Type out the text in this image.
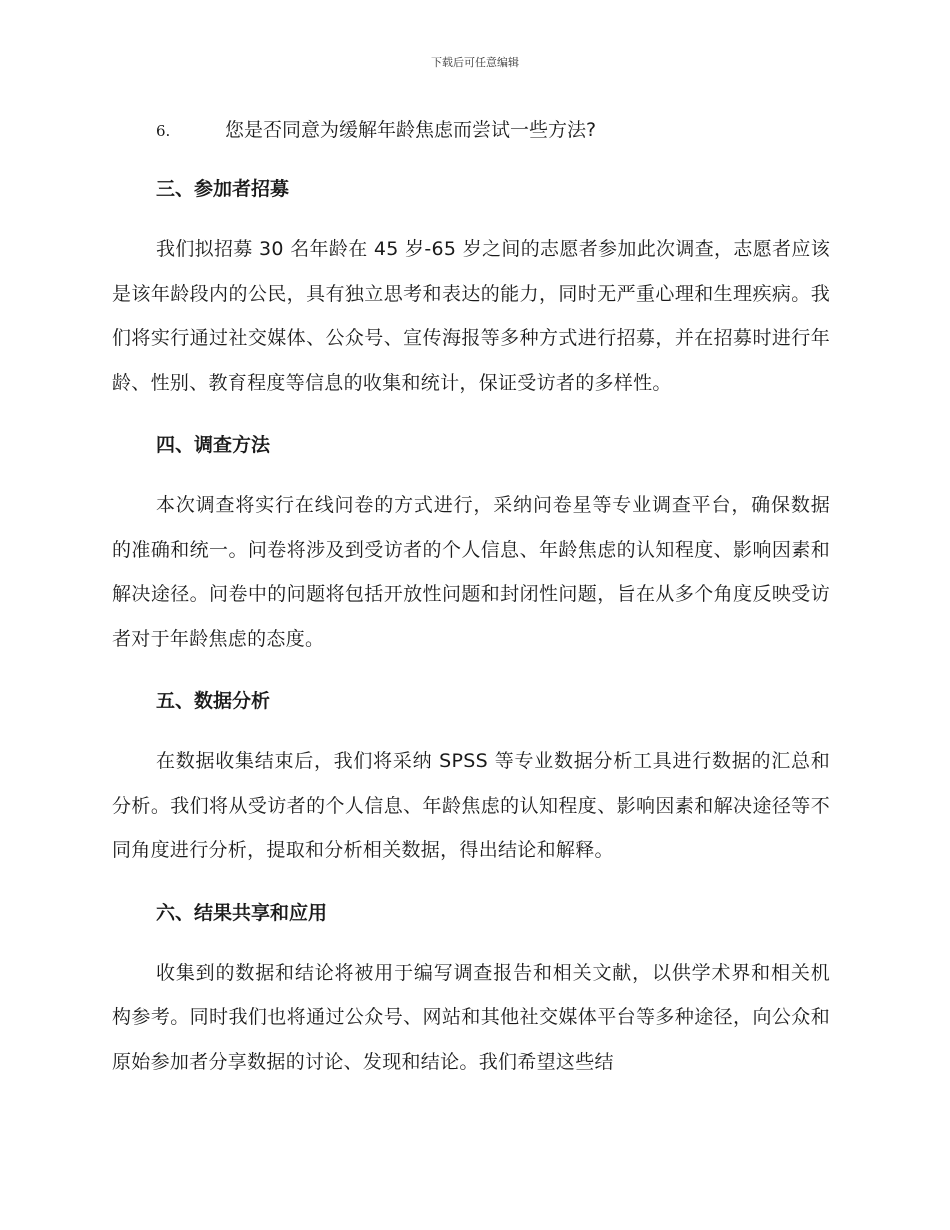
下载后可任意编辑
6.	您是否同意为缓解年龄焦虑而尝试一些方法?
三、参加者招募

我们拟招募 30 名年龄在 45 岁-65 岁之间的志愿者参加此次调查，志愿者应该是该年龄段内的公民，具有独立思考和表达的能力，同时无严重心理和生理疾病。我们将实行通过社交媒体、公众号、宣传海报等多种方式进行招募，并在招募时进行年龄、性别、教育程度等信息的收集和统计，保证受访者的多样性。

四、调查方法

本次调查将实行在线问卷的方式进行，采纳问卷星等专业调查平台，确保数据的准确和统一。问卷将涉及到受访者的个人信息、年龄焦虑的认知程度、影响因素和解决途径。问卷中的问题将包括开放性问题和封闭性问题，旨在从多个角度反映受访者对于年龄焦虑的态度。

五、数据分析

在数据收集结束后，我们将采纳 SPSS 等专业数据分析工具进行数据的汇总和分析。我们将从受访者的个人信息、年龄焦虑的认知程度、影响因素和解决途径等不同角度进行分析，提取和分析相关数据，得出结论和解释。

六、结果共享和应用

收集到的数据和结论将被用于编写调查报告和相关文献，以供学术界和相关机构参考。同时我们也将通过公众号、网站和其他社交媒体平台等多种途径，向公众和原始参加者分享数据的讨论、发现和结论。我们希望这些结
